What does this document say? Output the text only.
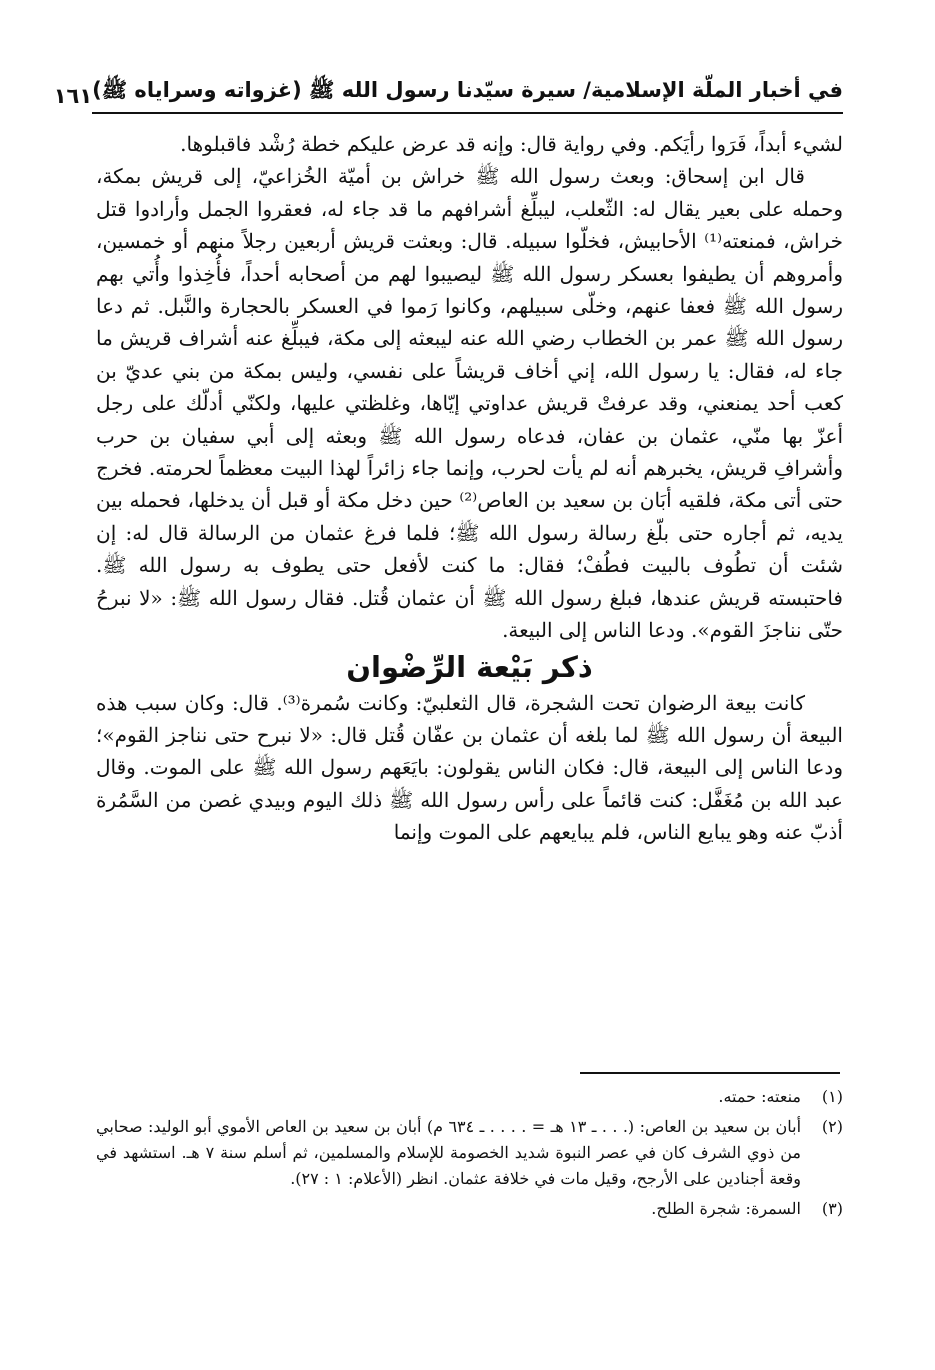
في أخبار الملّة الإسلامية/ سيرة سيّدنا رسول الله ﷺ (غزواته وسراياه ﷺ)
١٦١

لشيء أبداً، فَرَوا رأيَكم. وفي رواية قال: وإنه قد عرض عليكم خطة رُشْد فاقبلوها.

قال ابن إسحاق: وبعث رسول الله ﷺ خراش بن أميّة الخُزاعيّ، إلى قريش بمكة، وحمله على بعير يقال له: الثّعلب، ليبلِّغ أشرافهم ما قد جاء له، فعقروا الجمل وأرادوا قتل خراش، فمنعته⁽¹⁾ الأحابيش، فخلّوا سبيله. قال: وبعثت قريش أربعين رجلاً منهم أو خمسين، وأمروهم أن يطيفوا بعسكر رسول الله ﷺ ليصيبوا لهم من أصحابه أحداً، فأُخِذوا وأُتي بهم رسول الله ﷺ فعفا عنهم، وخلّى سبيلهم، وكانوا رَموا في العسكر بالحجارة والنَّبل. ثم دعا رسول الله ﷺ عمر بن الخطاب رضي الله عنه ليبعثه إلى مكة، فيبلِّغ عنه أشراف قريش ما جاء له، فقال: يا رسول الله، إني أخاف قريشاً على نفسي، وليس بمكة من بني عديّ بن كعب أحد يمنعني، وقد عرفتْ قريش عداوتي إيّاها، وغلظتي عليها، ولكنّي أدلّك على رجل أعزّ بها منّي، عثمان بن عفان، فدعاه رسول الله ﷺ وبعثه إلى أبي سفيان بن حرب وأشرافِ قريش، يخبرهم أنه لم يأت لحرب، وإنما جاء زائراً لهذا البيت معظماً لحرمته. فخرج حتى أتى مكة، فلقيه أبَان بن سعيد بن العاص⁽²⁾ حين دخل مكة أو قبل أن يدخلها، فحمله بين يديه، ثم أجاره حتى بلّغ رسالة رسول الله ﷺ؛ فلما فرغ عثمان من الرسالة قال له: إن شئت أن تطُوف بالبيت فطُفْ؛ فقال: ما كنت لأفعل حتى يطوف به رسول الله ﷺ. فاحتبسته قريش عندها، فبلغ رسول الله ﷺ أن عثمان قُتل. فقال رسول الله ﷺ: «لا نبرحُ حتّى نناجزَ القوم». ودعا الناس إلى البيعة.

ذكر بَيْعة الرِّضْوان

كانت بيعة الرضوان تحت الشجرة، قال الثعلبيّ: وكانت سُمرة⁽³⁾. قال: وكان سبب هذه البيعة أن رسول الله ﷺ لما بلغه أن عثمان بن عفّان قُتل قال: «لا نبرح حتى نناجز القوم»؛ ودعا الناس إلى البيعة، قال: فكان الناس يقولون: بايَعَهم رسول الله ﷺ على الموت. وقال عبد الله بن مُغَفَّل: كنت قائماً على رأس رسول الله ﷺ ذلك اليوم وبيدي غصن من السَّمُرة أذبّ عنه وهو يبايع الناس، فلم يبايعهم على الموت وإنما

(١)
منعته: حمته.
(٢)
أبان بن سعيد بن العاص: (. . . ـ ١٣ هـ = . . . . ـ ٦٣٤ م) أبان بن سعيد بن العاص الأموي أبو الوليد: صحابي من ذوي الشرف كان في عصر النبوة شديد الخصومة للإسلام والمسلمين، ثم أسلم سنة ٧ هـ. استشهد في وقعة أجنادين على الأرجح، وقيل مات في خلافة عثمان. انظر (الأعلام: ١ : ٢٧).
(٣)
السمرة: شجرة الطلح.
